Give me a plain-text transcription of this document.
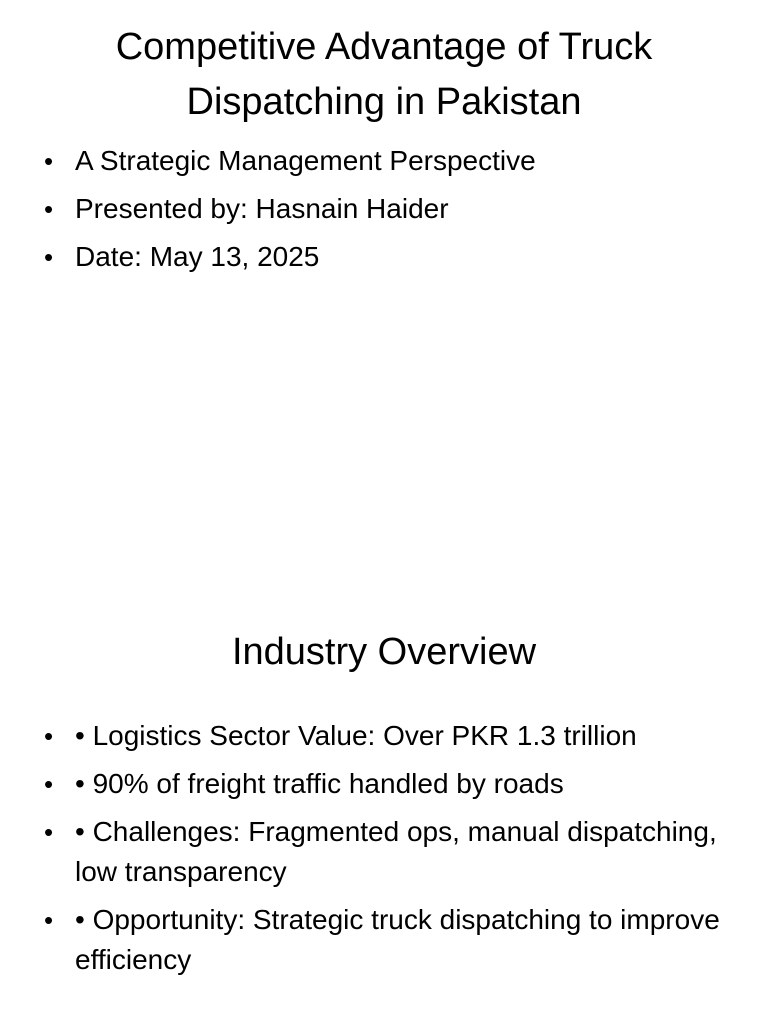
Competitive Advantage of Truck Dispatching in Pakistan
• A Strategic Management Perspective
• Presented by: Hasnain Haider
• Date: May 13, 2025
Industry Overview
• • Logistics Sector Value: Over PKR 1.3 trillion
• • 90% of freight traffic handled by roads
• • Challenges: Fragmented ops, manual dispatching, low transparency
• • Opportunity: Strategic truck dispatching to improve efficiency
